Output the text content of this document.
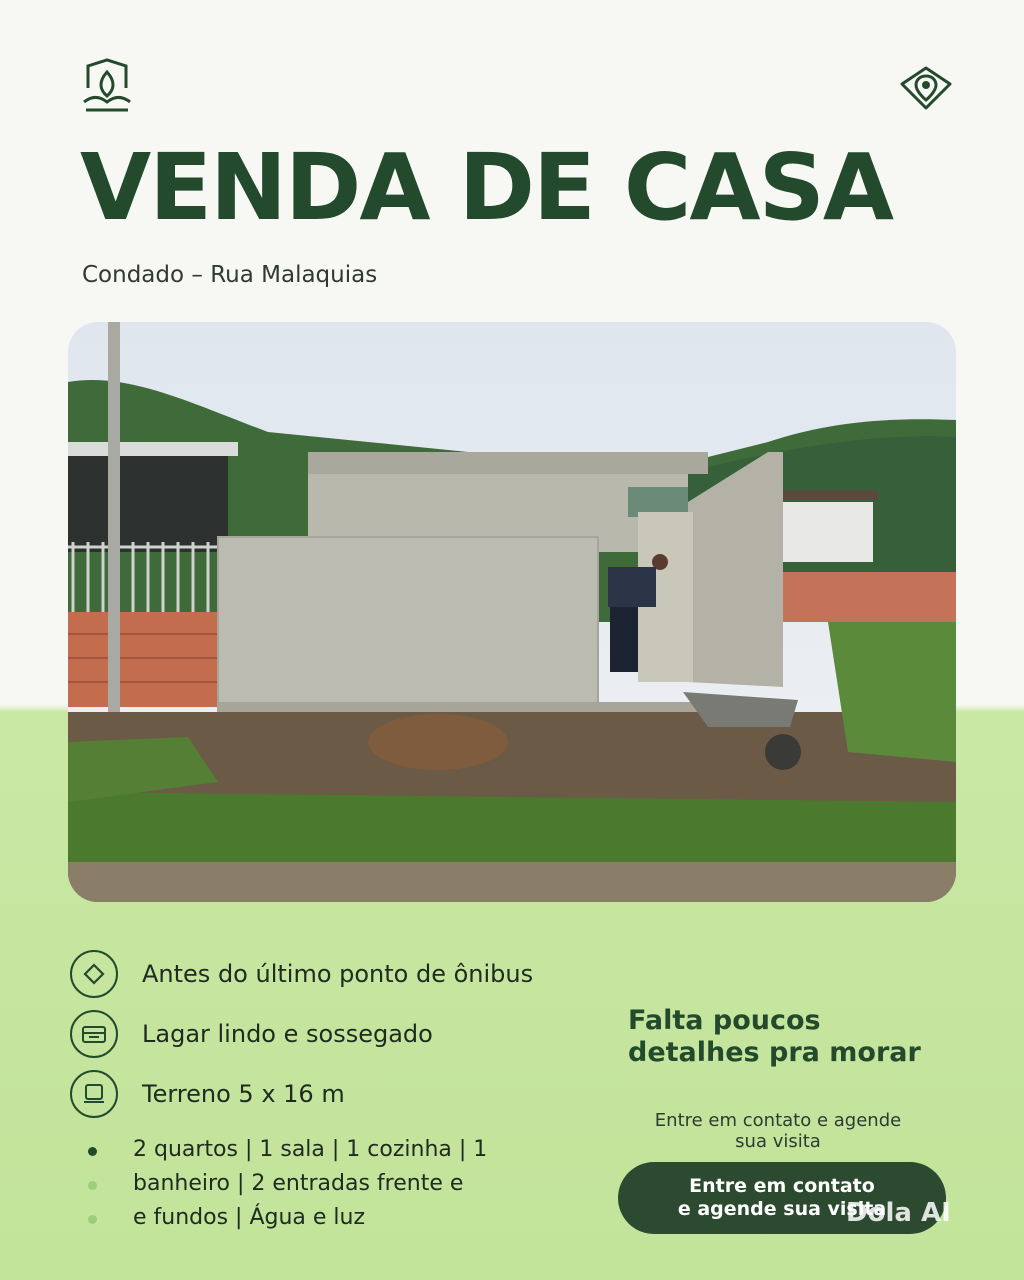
VENDA DE CASA
Condado – Rua Malaquias
Antes do último ponto de ônibus
Lagar lindo e sossegado
Terreno 5 x 16 m
2 quartos | 1 sala | 1 cozinha | 1
banheiro | 2 entradas frente e
e fundos | Água e luz
Falta poucos
detalhes pra morar
Entre em contato e agende
sua visita
Entre em contato
e agende sua visita
Dola AI
